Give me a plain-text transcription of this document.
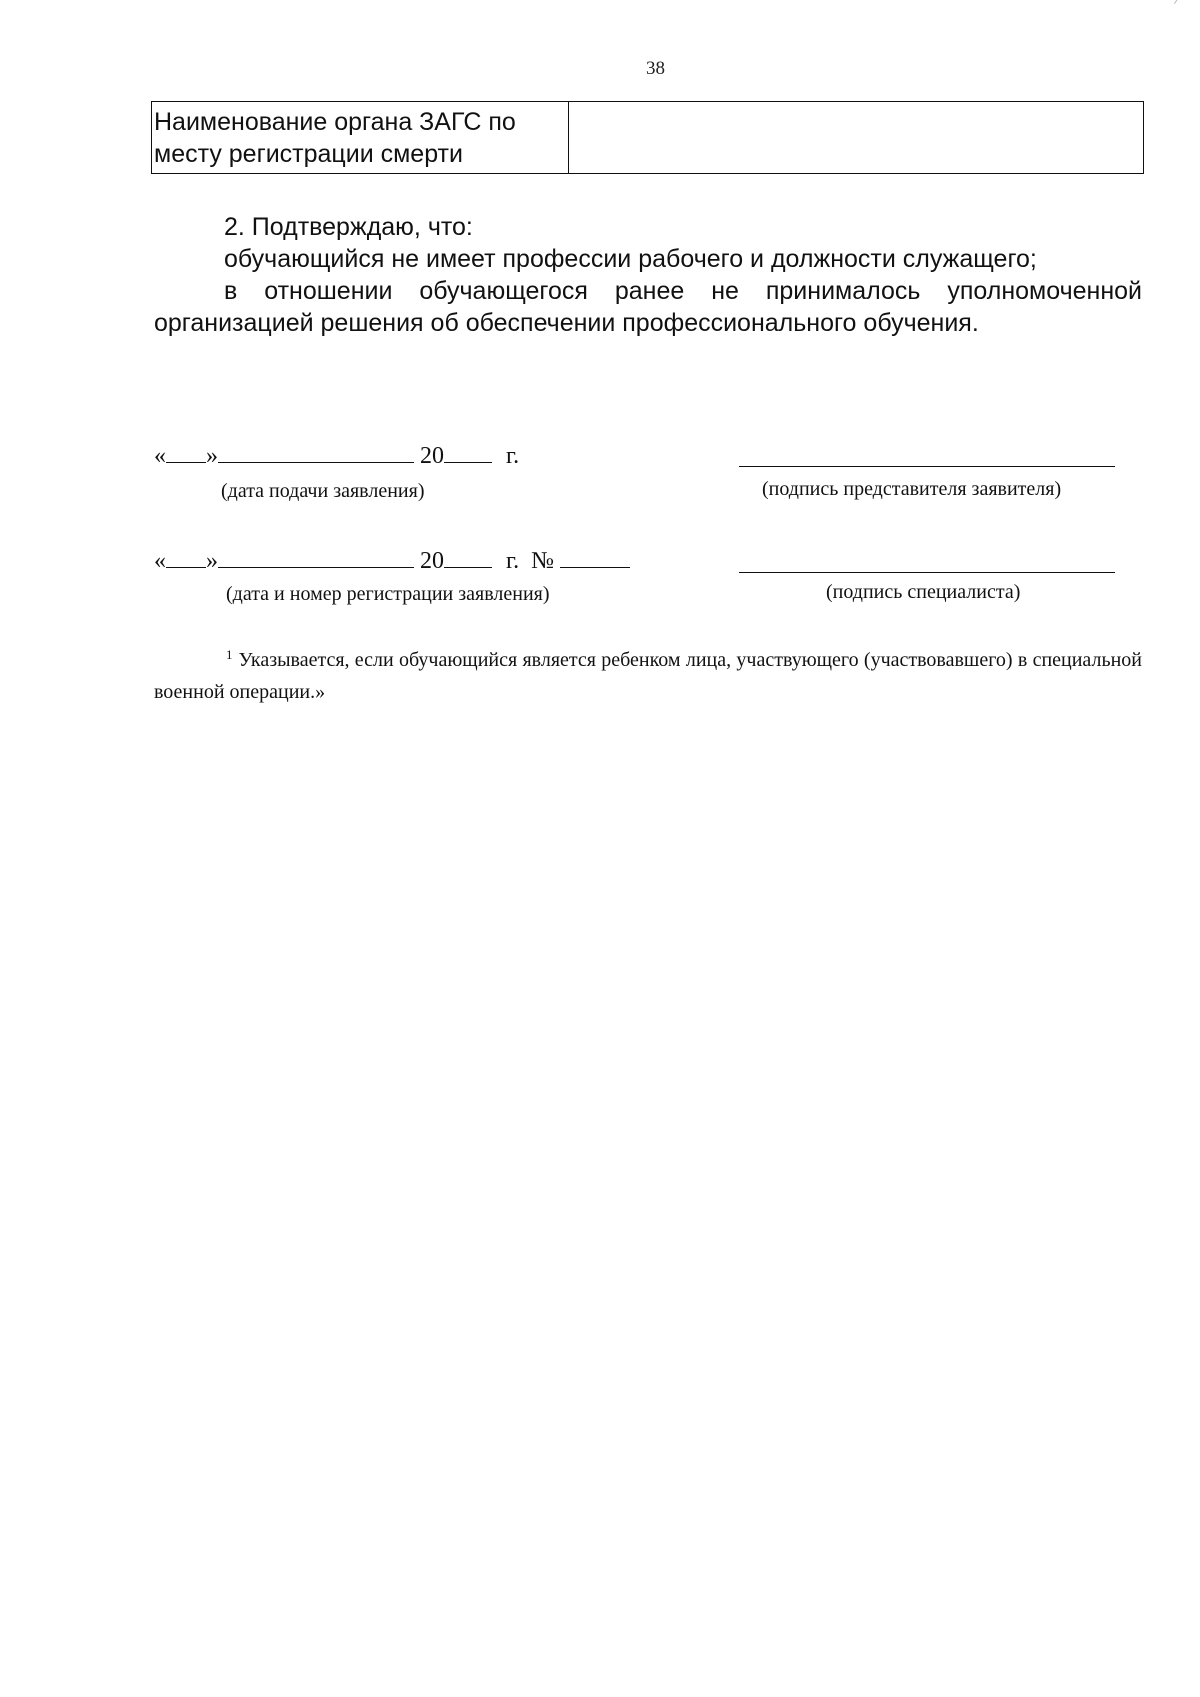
38
Наименование органа ЗАГС по месту регистрации смерти	

2. Подтверждаю, что:

обучающийся не имеет профессии рабочего и должности служащего;

в отношении обучающегося ранее не принималось уполномоченной организацией решения об обеспечении профессионального обучения.

« »	20	г.
(дата подачи заявления)	(подпись представителя заявителя)
« »	20	г. №
(дата и номер регистрации заявления)	(подпись специалиста)

$^1$ Указывается, если обучающийся является ребенком лица, участвующего (участвовавшего) в специальной военной операции.»
